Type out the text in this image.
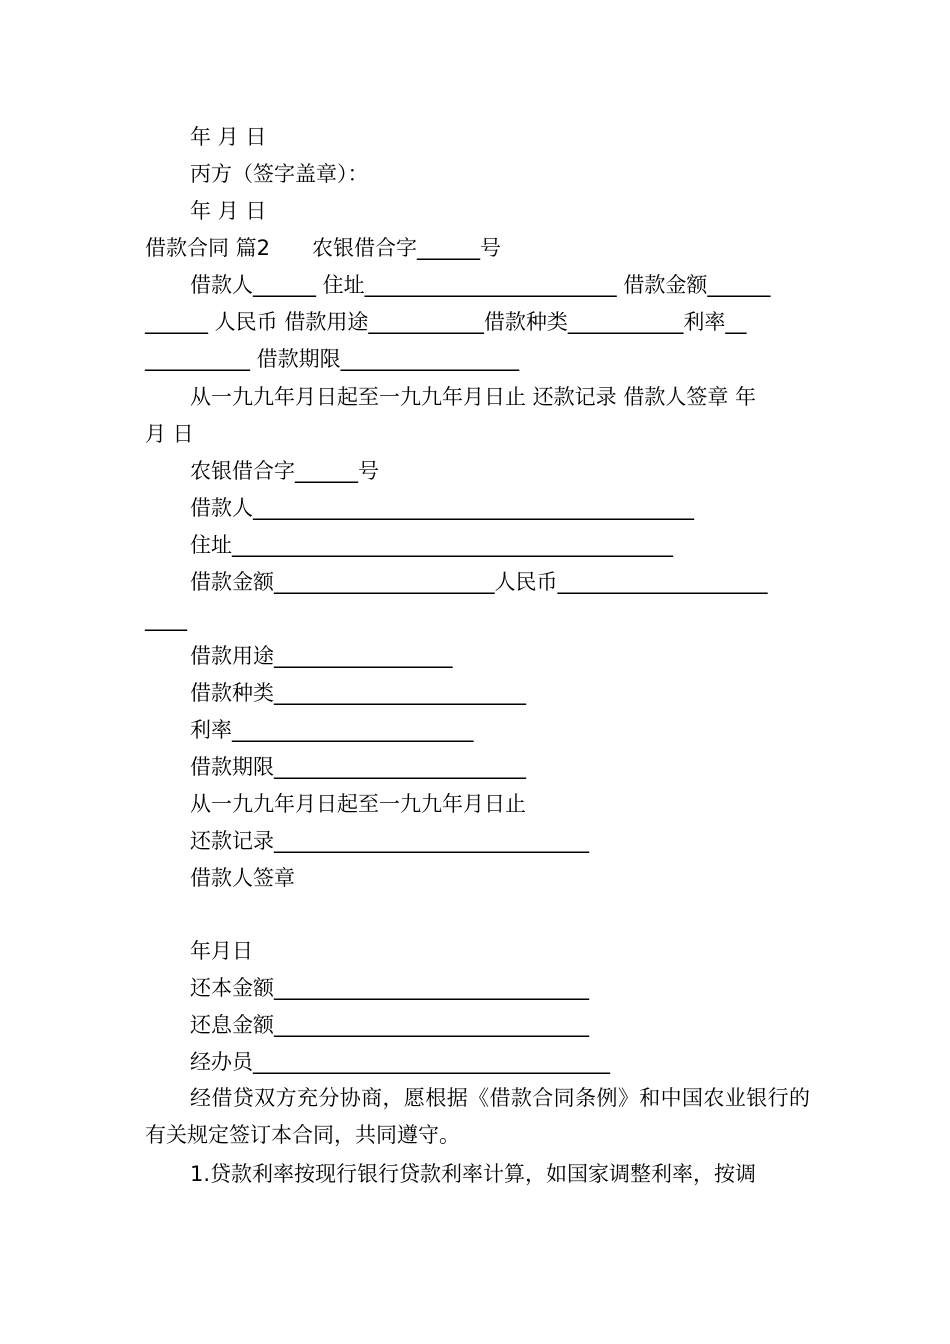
年 月 日
丙方（签字盖章）：
年 月 日
借款合同 篇2　　农银借合字______号
借款人______ 住址________________________ 借款金额______
______ 人民币 借款用途___________借款种类___________利率__
__________ 借款期限_________________
从一九九年月日起至一九九年月日止 还款记录 借款人签章 年
月 日
农银借合字______号
借款人__________________________________________
住址__________________________________________
借款金额_____________________人民币____________________
____
借款用途_________________
借款种类________________________
利率_______________________
借款期限________________________
从一九九年月日起至一九九年月日止
还款记录______________________________
借款人签章
年月日
还本金额______________________________
还息金额______________________________
经办员__________________________________
经借贷双方充分协商，愿根据《借款合同条例》和中国农业银行的有关规定签订本合同，共同遵守。
1.贷款利率按现行银行贷款利率计算，如国家调整利率，按调
